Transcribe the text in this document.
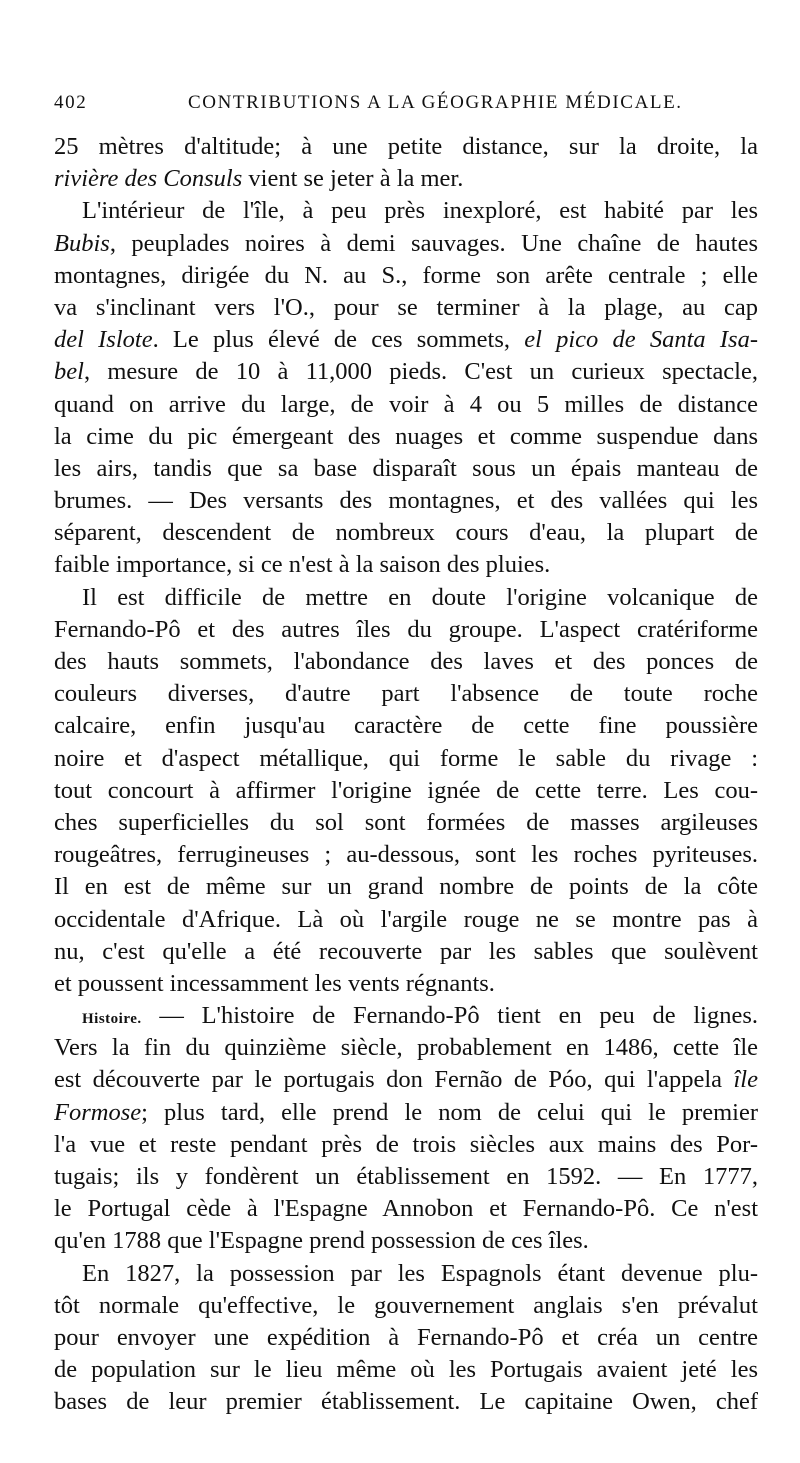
402	CONTRIBUTIONS A LA GÉOGRAPHIE MÉDICALE.
25 mètres d'altitude; à une petite distance, sur la droite, la
rivière des Consuls vient se jeter à la mer.
L'intérieur de l'île, à peu près inexploré, est habité par les
Bubis, peuplades noires à demi sauvages. Une chaîne de hautes
montagnes, dirigée du N. au S., forme son arête centrale ; elle
va s'inclinant vers l'O., pour se terminer à la plage, au cap
del Islote. Le plus élevé de ces sommets, el pico de Santa Isa-
bel, mesure de 10 à 11,000 pieds. C'est un curieux spectacle,
quand on arrive du large, de voir à 4 ou 5 milles de distance
la cime du pic émergeant des nuages et comme suspendue dans
les airs, tandis que sa base disparaît sous un épais manteau de
brumes. — Des versants des montagnes, et des vallées qui les
séparent, descendent de nombreux cours d'eau, la plupart de
faible importance, si ce n'est à la saison des pluies.
Il est difficile de mettre en doute l'origine volcanique de
Fernando-Pô et des autres îles du groupe. L'aspect cratériforme
des hauts sommets, l'abondance des laves et des ponces de
couleurs diverses, d'autre part l'absence de toute roche
calcaire, enfin jusqu'au caractère de cette fine poussière
noire et d'aspect métallique, qui forme le sable du rivage :
tout concourt à affirmer l'origine ignée de cette terre. Les cou-
ches superficielles du sol sont formées de masses argileuses
rougeâtres, ferrugineuses ; au-dessous, sont les roches pyriteuses.
Il en est de même sur un grand nombre de points de la côte
occidentale d'Afrique. Là où l'argile rouge ne se montre pas à
nu, c'est qu'elle a été recouverte par les sables que soulèvent
et poussent incessamment les vents régnants.
Histoire. — L'histoire de Fernando-Pô tient en peu de lignes.
Vers la fin du quinzième siècle, probablement en 1486, cette île
est découverte par le portugais don Fernão de Póo, qui l'appela île
Formose; plus tard, elle prend le nom de celui qui le premier
l'a vue et reste pendant près de trois siècles aux mains des Por-
tugais; ils y fondèrent un établissement en 1592. — En 1777,
le Portugal cède à l'Espagne Annobon et Fernando-Pô. Ce n'est
qu'en 1788 que l'Espagne prend possession de ces îles.
En 1827, la possession par les Espagnols étant devenue plu-
tôt normale qu'effective, le gouvernement anglais s'en prévalut
pour envoyer une expédition à Fernando-Pô et créa un centre
de population sur le lieu même où les Portugais avaient jeté les
bases de leur premier établissement. Le capitaine Owen, chef
